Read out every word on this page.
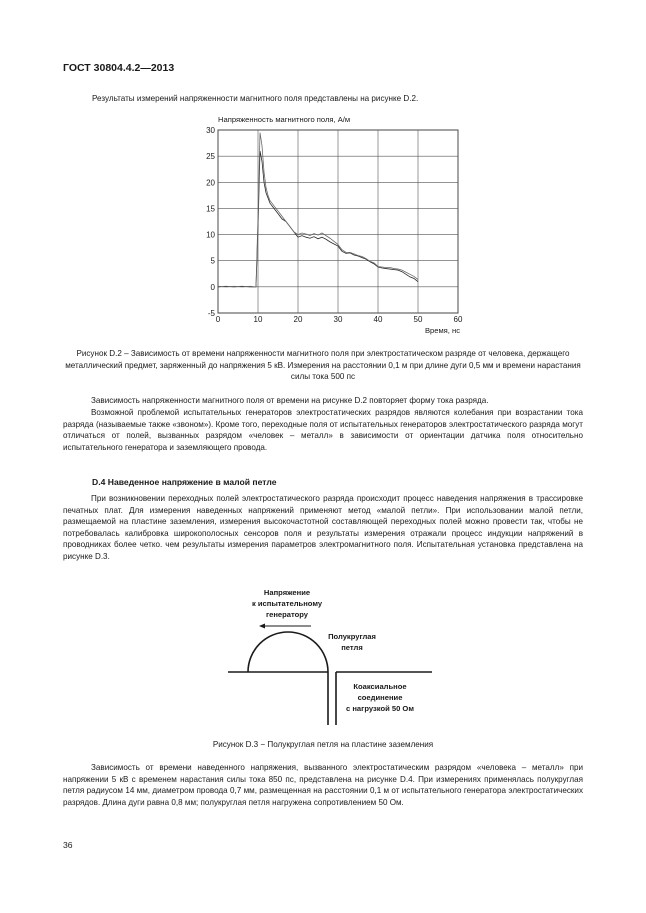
ГОСТ 30804.4.2—2013
Результаты измерений напряженности магнитного поля представлены на рисунке D.2.
Напряженность магнитного поля, А/м
0	10	20	30	40	50	60
-5
0
5
10
15
20
25
30
Время, нс
Рисунок D.2 – Зависимость от времени напряженности магнитного поля при электростатическом разряде от человека, держащего металлический предмет, заряженный до напряжения 5 кВ. Измерения на расстоянии 0,1 м при длине дуги 0,5 мм и времени нарастания силы тока 500 пс
Зависимость напряженности магнитного поля от времени на рисунке D.2 повторяет форму тока разряда.
Возможной проблемой испытательных генераторов электростатических разрядов являются колебания при возрастании тока разряда (называемые также «звоном»). Кроме того, переходные поля от испытательных генераторов электростатического разряда могут отличаться от полей, вызванных разрядом «человек – металл» в зависимости от ориентации датчика поля относительно испытательного генератора и заземляющего провода.
D.4 Наведенное напряжение в малой петле
При возникновении переходных полей электростатического разряда происходит процесс наведения напряжения в трассировке печатных плат. Для измерения наведенных напряжений применяют метод «малой петли». При использовании малой петли, размещаемой на пластине заземления, измерения высокочастотной составляющей переходных полей можно провести так, чтобы не потребовалась калибровка широкополосных сенсоров поля и результаты измерения отражали процесс индукции напряжений в проводниках более четко. чем результаты измерения параметров электромагнитного поля. Испытательная установка представлена на рисунке D.3.
Напряжение
к испытательному
генератору
Полукруглая
петля
Коаксиальное
соединение
с нагрузкой 50 Ом
Рисунок D.3 − Полукруглая петля на пластине заземления
Зависимость от времени наведенного напряжения, вызванного электростатическим разрядом «человека – металл» при напряжении 5 кВ с временем нарастания силы тока 850 пс, представлена на рисунке D.4. При измерениях применялась полукруглая петля радиусом 14 мм, диаметром провода 0,7 мм, размещенная на расстоянии 0,1 м от испытательного генератора электростатических разрядов. Длина дуги равна 0,8 мм; полукруглая петля нагружена сопротивлением 50 Ом.
36
